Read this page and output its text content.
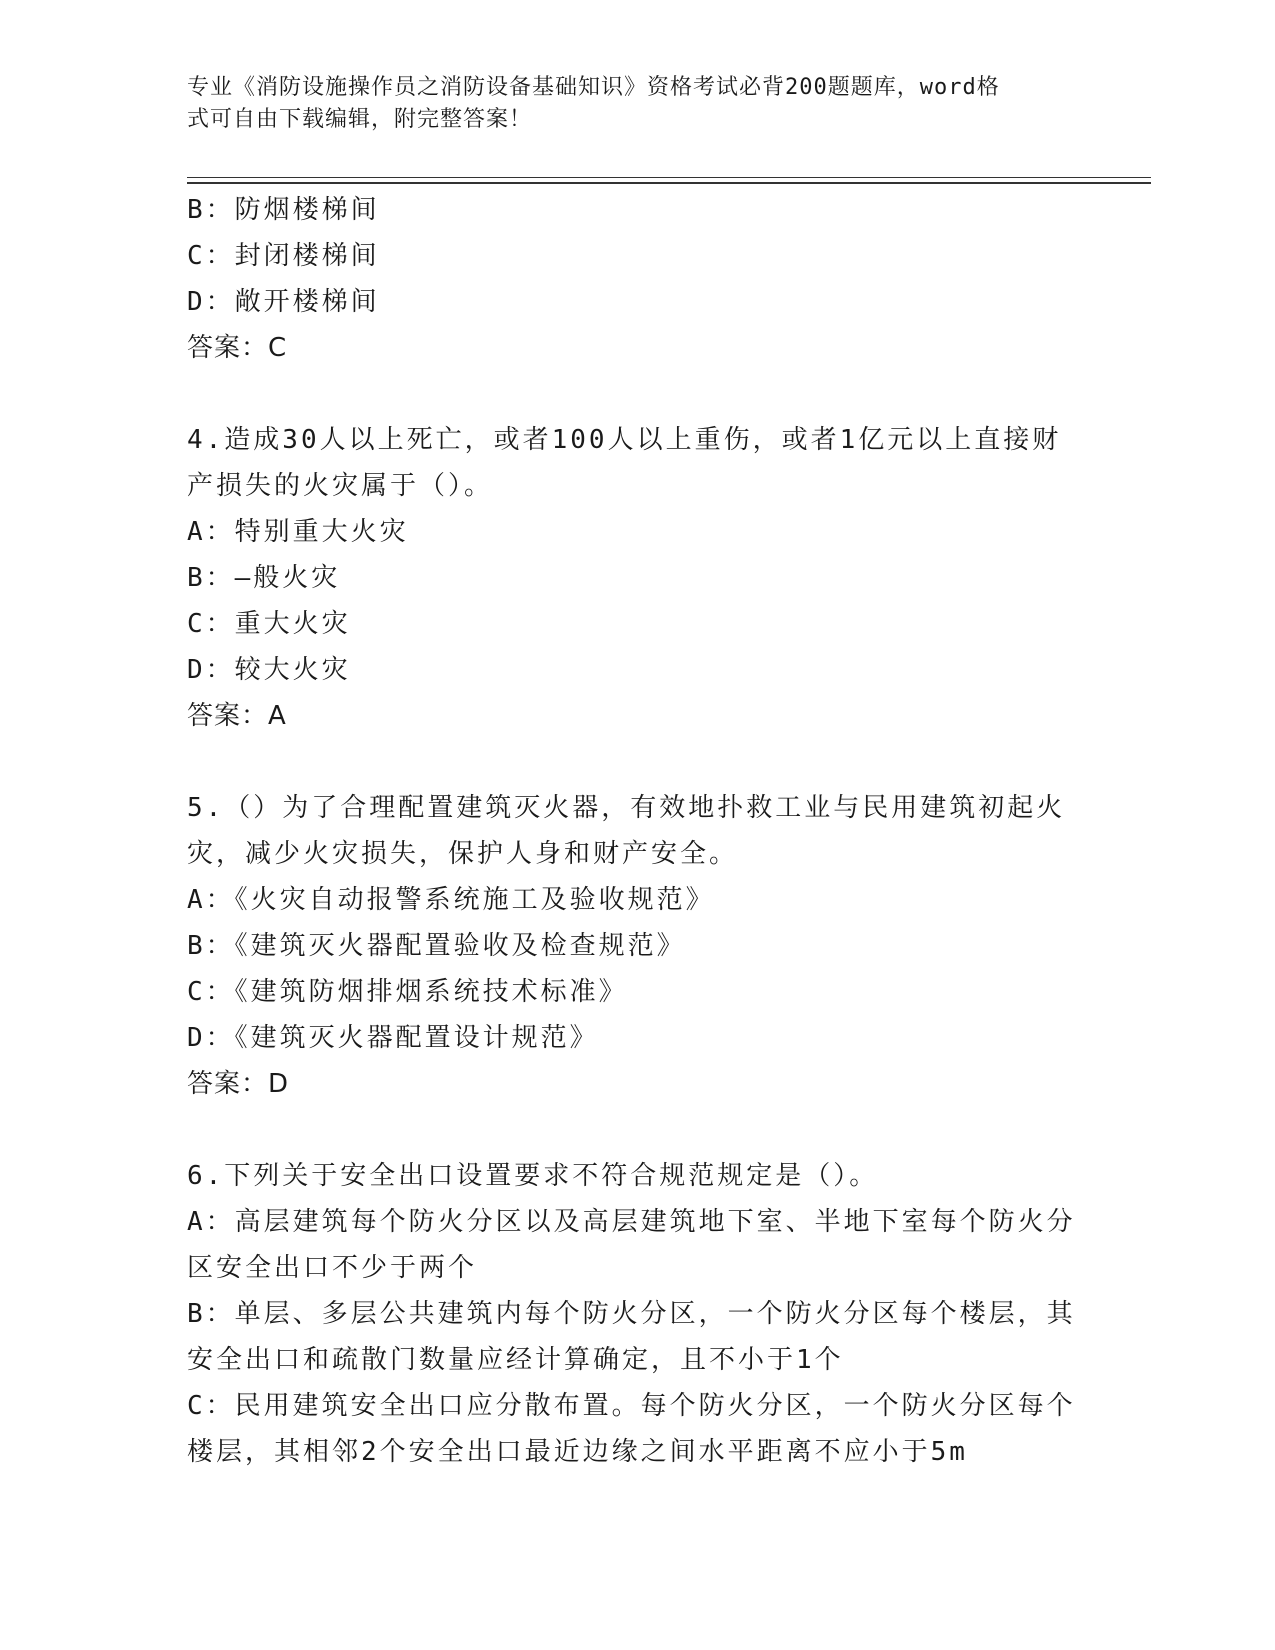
专业《消防设施操作员之消防设备基础知识》资格考试必背200题题库，word格
式可自由下载编辑，附完整答案！

B：防烟楼梯间

C：封闭楼梯间

D：敞开楼梯间

答案：C

4.造成30人以上死亡，或者100人以上重伤，或者1亿元以上直接财

产损失的火灾属于（）。

A：特别重大火灾

B：—般火灾

C：重大火灾

D：较大火灾

答案：A

5.（）为了合理配置建筑灭火器，有效地扑救工业与民用建筑初起火

灾，减少火灾损失，保护人身和财产安全。

A：《火灾自动报警系统施工及验收规范》

B：《建筑灭火器配置验收及检查规范》

C：《建筑防烟排烟系统技术标准》

D：《建筑灭火器配置设计规范》

答案：D

6.下列关于安全出口设置要求不符合规范规定是（）。

A：高层建筑每个防火分区以及高层建筑地下室、半地下室每个防火分

区安全出口不少于两个

B：单层、多层公共建筑内每个防火分区，一个防火分区每个楼层，其

安全出口和疏散门数量应经计算确定，且不小于1个

C：民用建筑安全出口应分散布置。每个防火分区，一个防火分区每个

楼层，其相邻2个安全出口最近边缘之间水平距离不应小于5m
